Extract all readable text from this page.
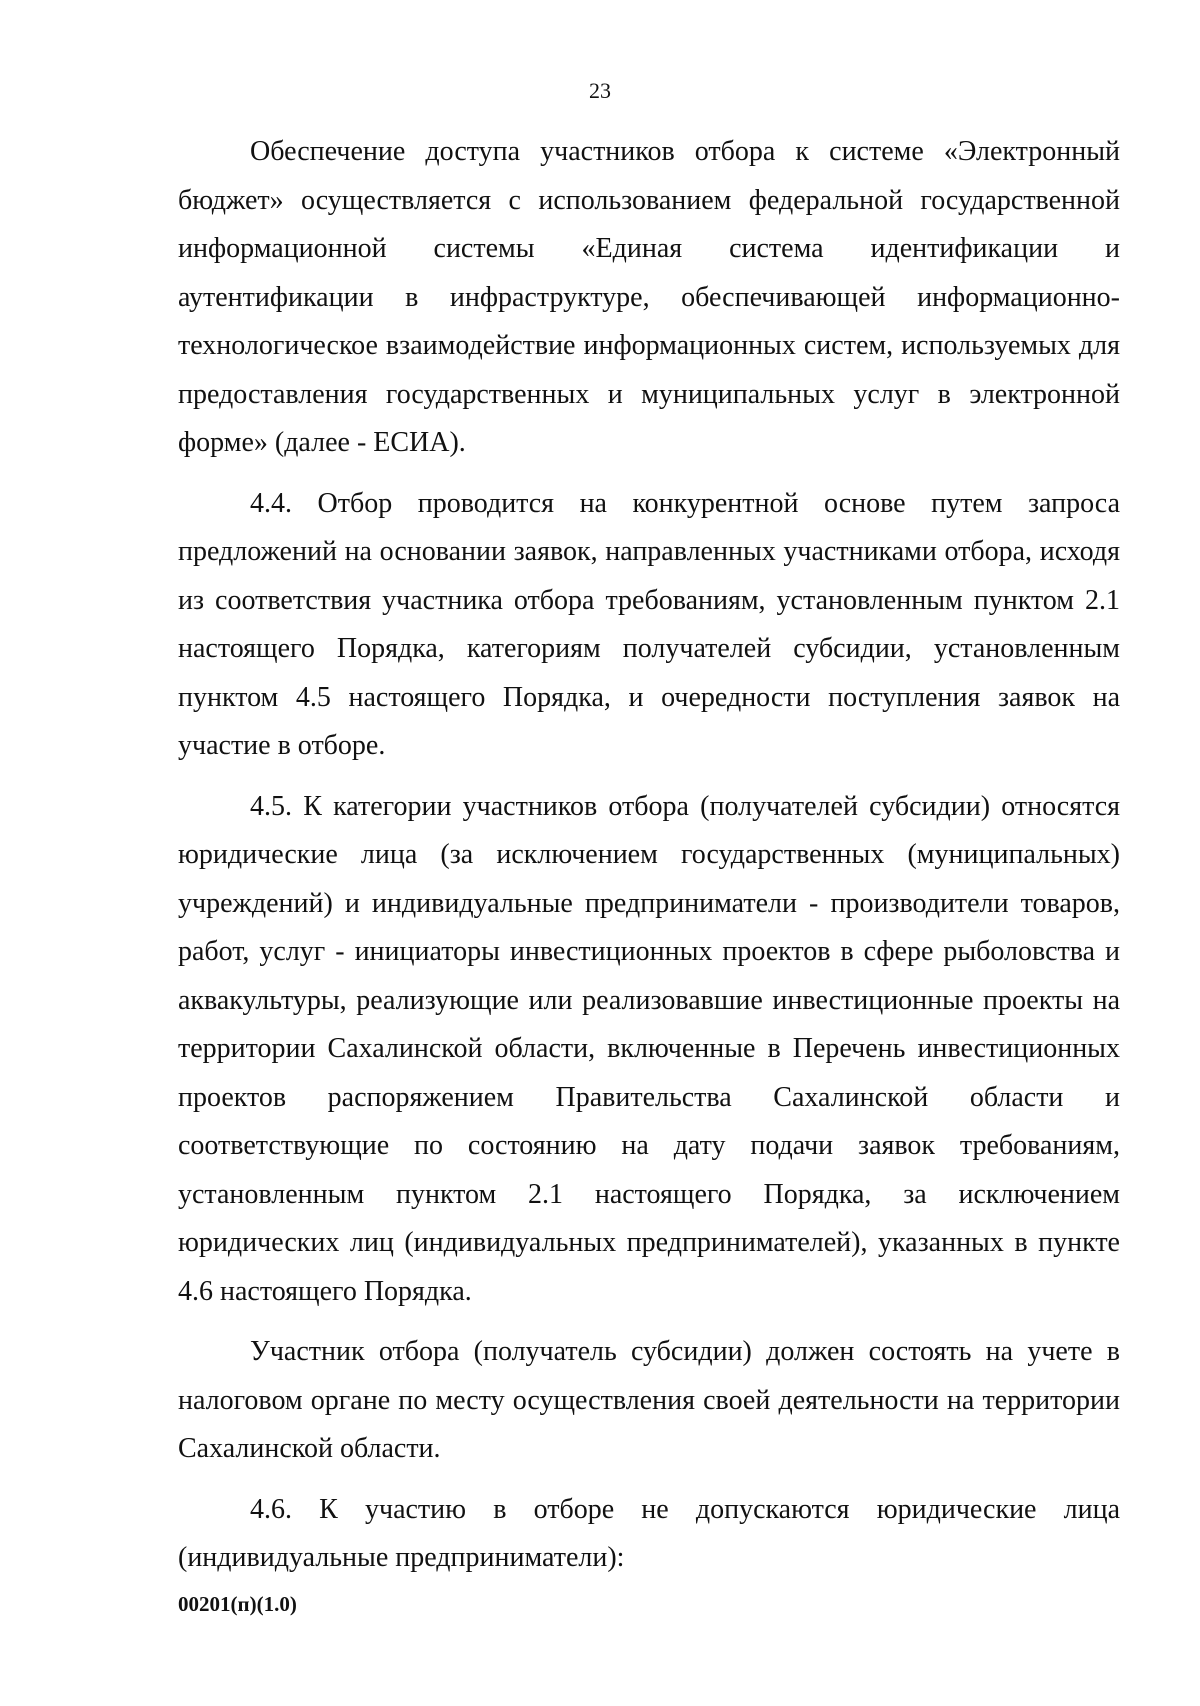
23

Обеспечение доступа участников отбора к системе «Электронный бюджет» осуществляется с использованием федеральной государственной информационной системы «Единая система идентификации и аутентификации в инфраструктуре, обеспечивающей информационно-технологическое взаимодействие информационных систем, используемых для предоставления государственных и муниципальных услуг в электронной форме» (далее - ЕСИА).

4.4. Отбор проводится на конкурентной основе путем запроса предложений на основании заявок, направленных участниками отбора, исходя из соответствия участника отбора требованиям, установленным пунктом 2.1 настоящего Порядка, категориям получателей субсидии, установленным пунктом 4.5 настоящего Порядка, и очередности поступления заявок на участие в отборе.

4.5. К категории участников отбора (получателей субсидии) относятся юридические лица (за исключением государственных (муниципальных) учреждений) и индивидуальные предприниматели - производители товаров, работ, услуг - инициаторы инвестиционных проектов в сфере рыболовства и аквакультуры, реализующие или реализовавшие инвестиционные проекты на территории Сахалинской области, включенные в Перечень инвестиционных проектов распоряжением Правительства Сахалинской области и соответствующие по состоянию на дату подачи заявок требованиям, установленным пунктом 2.1 настоящего Порядка, за исключением юридических лиц (индивидуальных предпринимателей), указанных в пункте 4.6 настоящего Порядка.

Участник отбора (получатель субсидии) должен состоять на учете в налоговом органе по месту осуществления своей деятельности на территории Сахалинской области.

4.6. К участию в отборе не допускаются юридические лица (индивидуальные предприниматели):

00201(п)(1.0)
